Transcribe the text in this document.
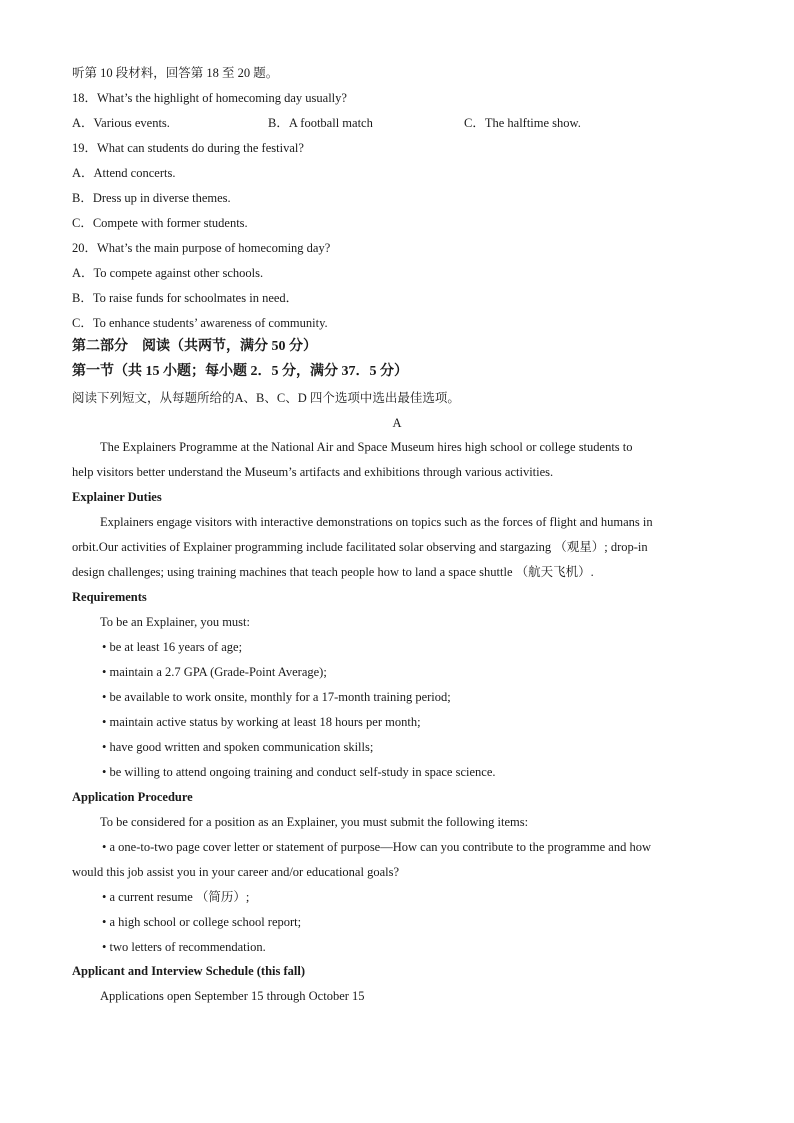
听第 10 段材料，回答第 18 至 20 题。
18．What’s the highlight of homecoming day usually?
A．Various events.	B．A football match	C．The halftime show.
19．What can students do during the festival?
A．Attend concerts.
B．Dress up in diverse themes.
C．Compete with former students.
20．What’s the main purpose of homecoming day?
A．To compete against other schools.
B．To raise funds for schoolmates in need．
C．To enhance students’ awareness of community.
第二部分　阅读（共两节，满分 50 分）
第一节（共 15 小题；每小题 2．5 分，满分 37．5 分）
阅读下列短文，从每题所给的A、B、C、D 四个选项中选出最佳选项。
A
The Explainers Programme at the National Air and Space Museum hires high school or college students to
help visitors better understand the Museum’s artifacts and exhibitions through various activities.
Explainer Duties
Explainers engage visitors with interactive demonstrations on topics such as the forces of flight and humans in
orbit.Our activities of Explainer programming include facilitated solar observing and stargazing （观星）; drop-in
design challenges; using training machines that teach people how to land a space shuttle （航天飞机）.
Requirements
To be an Explainer, you must:
• be at least 16 years of age;
• maintain a 2.7 GPA (Grade-Point Average);
• be available to work onsite, monthly for a 17-month training period;
• maintain active status by working at least 18 hours per month;
• have good written and spoken communication skills;
• be willing to attend ongoing training and conduct self-study in space science.
Application Procedure
To be considered for a position as an Explainer, you must submit the following items:
• a one-to-two page cover letter or statement of purpose—How can you contribute to the programme and how
would this job assist you in your career and/or educational goals?
• a current resume （简历）;
• a high school or college school report;
• two letters of recommendation.
Applicant and Interview Schedule (this fall)
Applications open September 15 through October 15
